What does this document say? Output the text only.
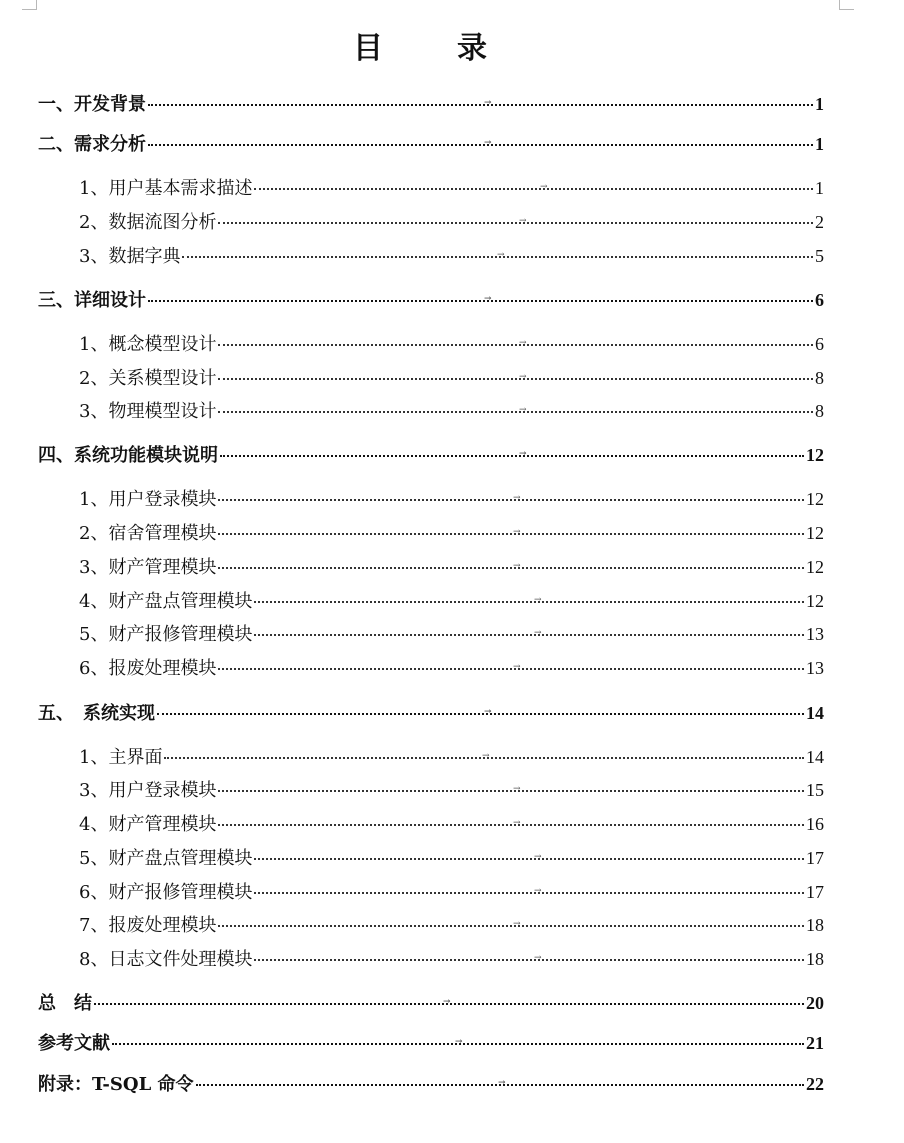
目　录
一、开发背景	1
→
二、需求分析	1
→
1、用户基本需求描述	1
→
2、数据流图分析	2
→
3、数据字典	5
→
三、详细设计	6
→
1、概念模型设计	6
→
2、关系模型设计	8
→
3、物理模型设计	8
→
四、系统功能模块说明	12
→
1、用户登录模块	12
→
2、宿舍管理模块	12
→
3、财产管理模块	12
→
4、财产盘点管理模块	12
→
5、财产报修管理模块	13
→
6、报废处理模块	13
→
五、　系统实现	14
→
1、主界面	14
→
3、用户登录模块	15
→
4、财产管理模块	16
→
5、财产盘点管理模块	17
→
6、财产报修管理模块	17
→
7、报废处理模块	18
→
8、日志文件处理模块	18
→
总　结	20
→
参考文献	21
→
附录：T-SQL 命令	22
→
